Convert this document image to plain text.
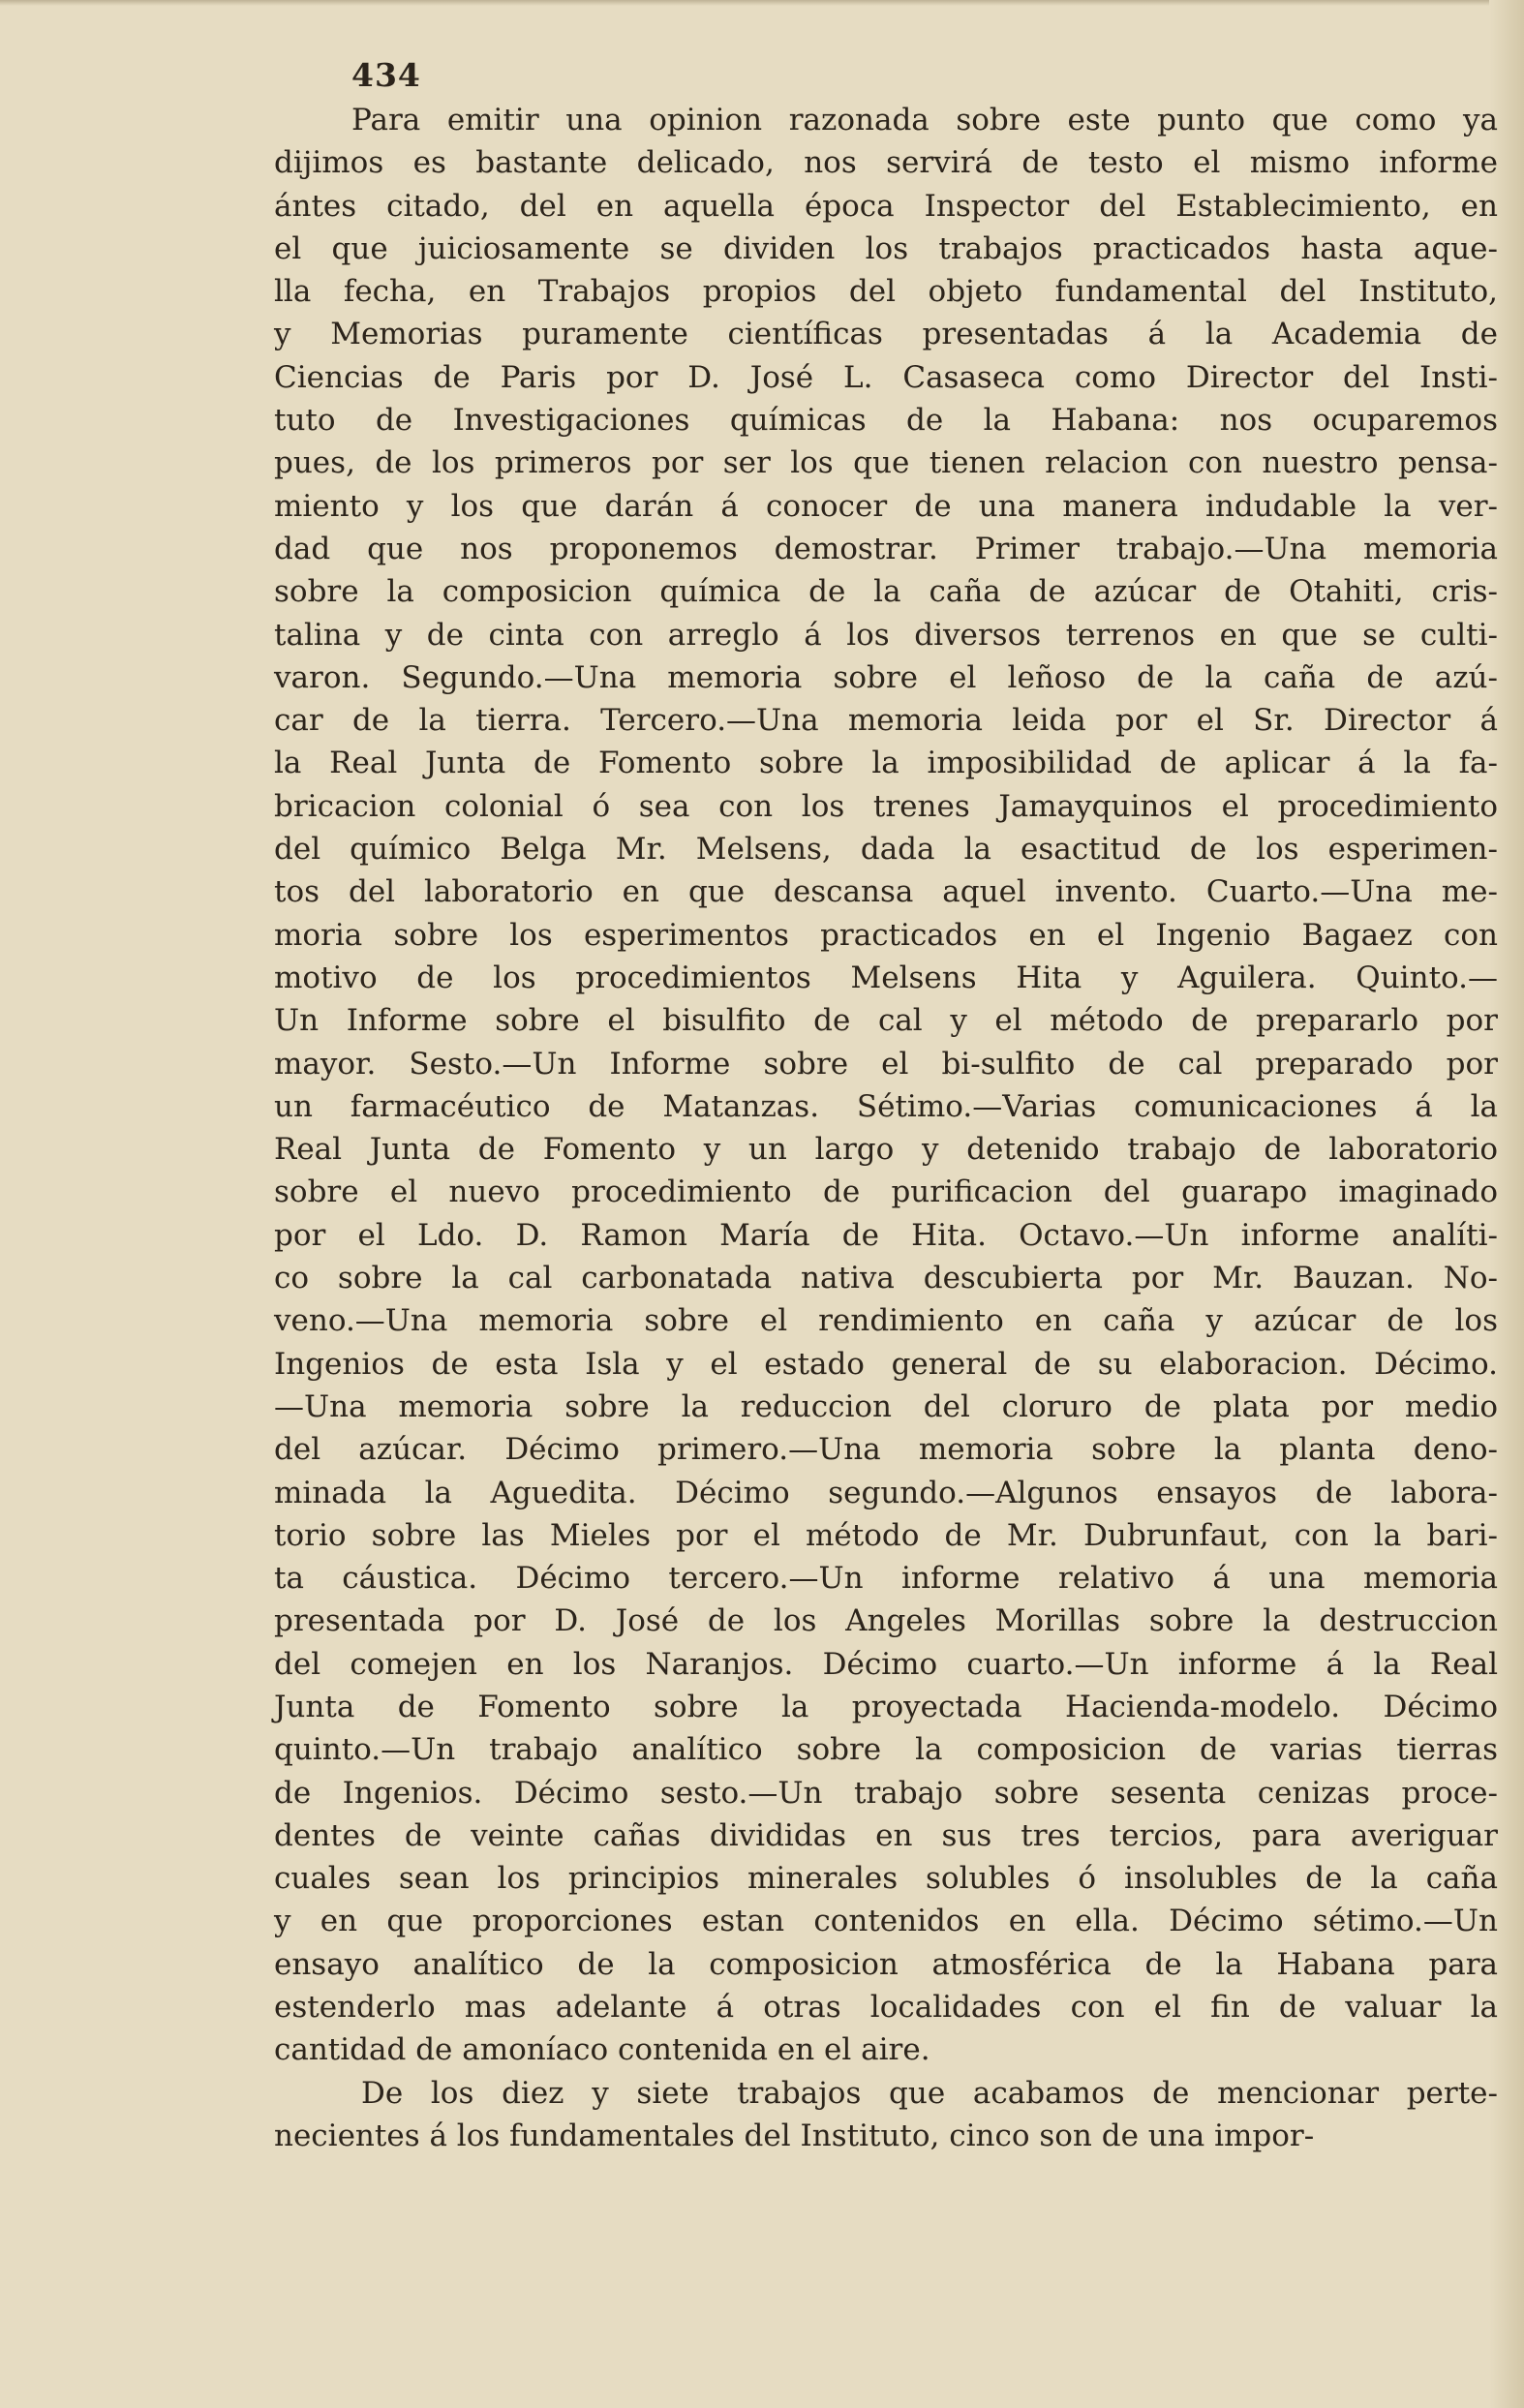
434
Para emitir una opinion razonada sobre este punto que como ya
dijimos es bastante delicado, nos servirá de testo el mismo informe
ántes citado, del en aquella época Inspector del Establecimiento, en
el que juiciosamente se dividen los trabajos practicados hasta aque-
lla fecha, en Trabajos propios del objeto fundamental del Instituto,
y Memorias puramente científicas presentadas á la Academia de
Ciencias de Paris por D. José L. Casaseca como Director del Insti-
tuto de Investigaciones químicas de la Habana: nos ocuparemos
pues, de los primeros por ser los que tienen relacion con nuestro pensa-
miento y los que darán á conocer de una manera indudable la ver-
dad que nos proponemos demostrar. Primer trabajo.—Una memoria
sobre la composicion química de la caña de azúcar de Otahiti, cris-
talina y de cinta con arreglo á los diversos terrenos en que se culti-
varon. Segundo.—Una memoria sobre el leñoso de la caña de azú-
car de la tierra. Tercero.—Una memoria leida por el Sr. Director á
la Real Junta de Fomento sobre la imposibilidad de aplicar á la fa-
bricacion colonial ó sea con los trenes Jamayquinos el procedimiento
del químico Belga Mr. Melsens, dada la esactitud de los esperimen-
tos del laboratorio en que descansa aquel invento. Cuarto.—Una me-
moria sobre los esperimentos practicados en el Ingenio Bagaez con
motivo de los procedimientos Melsens Hita y Aguilera. Quinto.—
Un Informe sobre el bisulfito de cal y el método de prepararlo por
mayor. Sesto.—Un Informe sobre el bi-sulfito de cal preparado por
un farmacéutico de Matanzas. Sétimo.—Varias comunicaciones á la
Real Junta de Fomento y un largo y detenido trabajo de laboratorio
sobre el nuevo procedimiento de purificacion del guarapo imaginado
por el Ldo. D. Ramon María de Hita. Octavo.—Un informe analíti-
co sobre la cal carbonatada nativa descubierta por Mr. Bauzan. No-
veno.—Una memoria sobre el rendimiento en caña y azúcar de los
Ingenios de esta Isla y el estado general de su elaboracion. Décimo.
—Una memoria sobre la reduccion del cloruro de plata por medio
del azúcar. Décimo primero.—Una memoria sobre la planta deno-
minada la Aguedita. Décimo segundo.—Algunos ensayos de labora-
torio sobre las Mieles por el método de Mr. Dubrunfaut, con la bari-
ta cáustica. Décimo tercero.—Un informe relativo á una memoria
presentada por D. José de los Angeles Morillas sobre la destruccion
del comejen en los Naranjos. Décimo cuarto.—Un informe á la Real
Junta de Fomento sobre la proyectada Hacienda-modelo. Décimo
quinto.—Un trabajo analítico sobre la composicion de varias tierras
de Ingenios. Décimo sesto.—Un trabajo sobre sesenta cenizas proce-
dentes de veinte cañas divididas en sus tres tercios, para averiguar
cuales sean los principios minerales solubles ó insolubles de la caña
y en que proporciones estan contenidos en ella. Décimo sétimo.—Un
ensayo analítico de la composicion atmosférica de la Habana para
estenderlo mas adelante á otras localidades con el fin de valuar la
cantidad de amoníaco contenida en el aire.
De los diez y siete trabajos que acabamos de mencionar perte-
necientes á los fundamentales del Instituto, cinco son de una impor-
